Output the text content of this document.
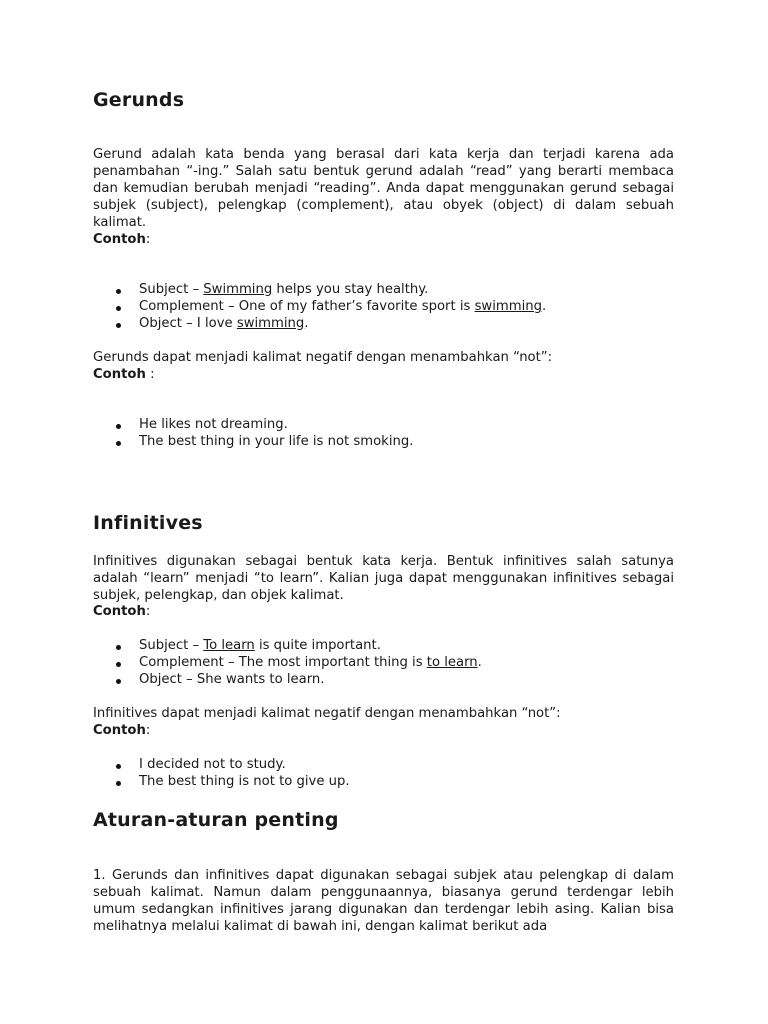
Gerunds

Gerund adalah kata benda yang berasal dari kata kerja dan terjadi karena ada penambahan “-ing.” Salah satu bentuk gerund adalah “read” yang berarti membaca dan kemudian berubah menjadi “reading”. Anda dapat menggunakan gerund sebagai subjek (subject), pelengkap (complement), atau obyek (object) di dalam sebuah kalimat.

Contoh:

Subject – Swimming helps you stay healthy.
Complement – One of my father’s favorite sport is swimming.
Object – I love swimming.

Gerunds dapat menjadi kalimat negatif dengan menambahkan “not”:

Contoh :

He likes not dreaming.
The best thing in your life is not smoking.
Infinitives

Infinitives digunakan sebagai bentuk kata kerja. Bentuk infinitives salah satunya adalah “learn” menjadi “to learn”. Kalian juga dapat menggunakan infinitives sebagai subjek, pelengkap, dan objek kalimat.

Contoh:

Subject – To learn is quite important.
Complement – The most important thing is to learn.
Object – She wants to learn.

Infinitives dapat menjadi kalimat negatif dengan menambahkan “not”:

Contoh:

I decided not to study.
The best thing is not to give up.
Aturan-aturan penting

1. Gerunds dan infinitives dapat digunakan sebagai subjek atau pelengkap di dalam sebuah kalimat. Namun dalam penggunaannya, biasanya gerund terdengar lebih umum sedangkan infinitives jarang digunakan dan terdengar lebih asing. Kalian bisa melihatnya melalui kalimat di bawah ini, dengan kalimat berikut ada
